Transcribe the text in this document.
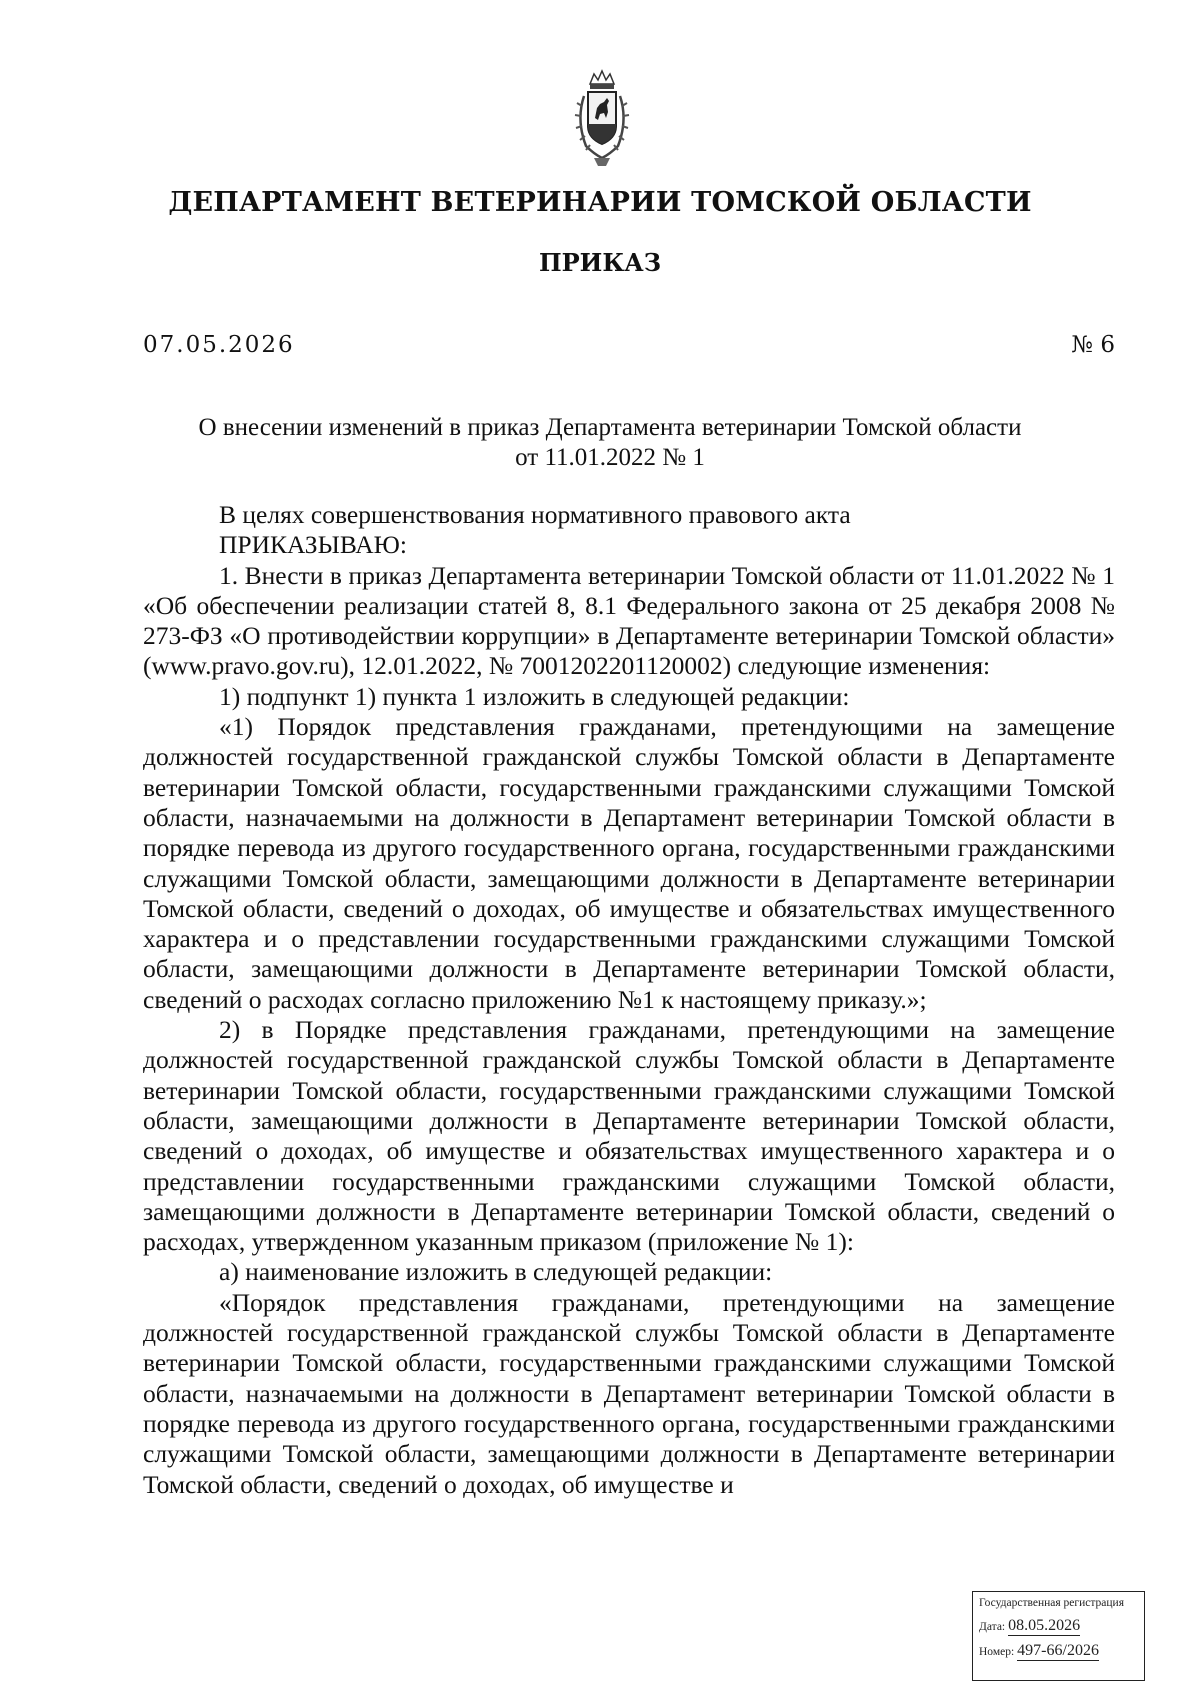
ДЕПАРТАМЕНТ ВЕТЕРИНАРИИ ТОМСКОЙ ОБЛАСТИ
ПРИКАЗ
07.05.2026	№ 6
О внесении изменений в приказ Департамента ветеринарии Томской области
от 11.01.2022 № 1

В целях совершенствования нормативного правового акта

ПРИКАЗЫВАЮ:

1. Внести в приказ Департамента ветеринарии Томской области от 11.01.2022 № 1 «Об обеспечении реализации статей 8, 8.1 Федерального закона от 25 декабря 2008 № 273-ФЗ «О противодействии коррупции» в Департаменте ветеринарии Томской области» (www.pravo.gov.ru), 12.01.2022, № 7001202201120002) следующие изменения:

1) подпункт 1) пункта 1 изложить в следующей редакции:

«1) Порядок представления гражданами, претендующими на замещение должностей государственной гражданской службы Томской области в Департаменте ветеринарии Томской области, государственными гражданскими служащими Томской области, назначаемыми на должности в Департамент ветеринарии Томской области в порядке перевода из другого государственного органа, государственными гражданскими служащими Томской области, замещающими должности в Департаменте ветеринарии Томской области, сведений о доходах, об имуществе и обязательствах имущественного характера и о представлении государственными гражданскими служащими Томской области, замещающими должности в Департаменте ветеринарии Томской области, сведений о расходах согласно приложению №1 к настоящему приказу.»;

2) в Порядке представления гражданами, претендующими на замещение должностей государственной гражданской службы Томской области в Департаменте ветеринарии Томской области, государственными гражданскими служащими Томской области, замещающими должности в Департаменте ветеринарии Томской области, сведений о доходах, об имуществе и обязательствах имущественного характера и о представлении государственными гражданскими служащими Томской области, замещающими должности в Департаменте ветеринарии Томской области, сведений о расходах, утвержденном указанным приказом (приложение № 1):

а) наименование изложить в следующей редакции:

«Порядок представления гражданами, претендующими на замещение должностей государственной гражданской службы Томской области в Департаменте ветеринарии Томской области, государственными гражданскими служащими Томской области, назначаемыми на должности в Департамент ветеринарии Томской области в порядке перевода из другого государственного органа, государственными гражданскими служащими Томской области, замещающими должности в Департаменте ветеринарии Томской области, сведений о доходах, об имуществе и

Государственная регистрация
Дата: 08.05.2026
Номер: 497-66/2026
